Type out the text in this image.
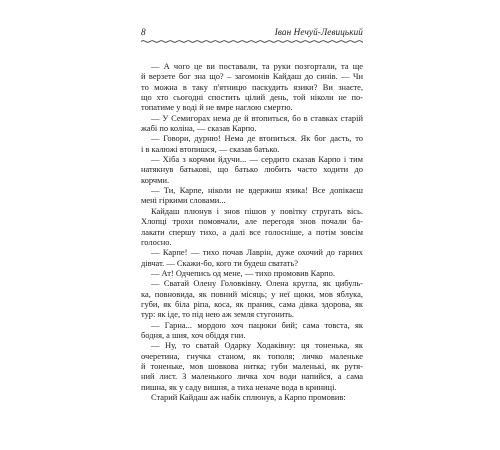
8	Іван Нечуй-Левицький
— А чого це ви поставали, та руки позгортали, та ще
й верзете бог зна що? – загомонів Кайдаш до синів. — Чи
то можна в таку п'ятницю паскудить язики? Ви знаєте,
що хто сьогодні спостить цілий день, той ніколи не по-
топатиме у воді й не вмре наглою смертю.
— У Семигорах нема де й втопиться, бо в ставках старій
жабі по коліна, — сказав Карпо.
— Говори, дурню! Нема де втопиться. Як бог дасть, то
і в калюжі втопишся, — сказав батько.
— Хіба з корчми йдучи... — сердито сказав Карпо і тим
натякнув батькові, що батько любить часто ходити до
корчми.
— Ти, Карпе, ніколи не вдержиш язика! Все допікаєш
мені гіркими словами...
Кайдаш плюнув і знов пішов у повітку стругать вісь.
Хлопці трохи помовчали, але перегодя знов почали ба-
лакати спершу тихо, а далі все голосніше, а потім зовсім
голосно.
— Карпе! — тихо почав Лаврін, дуже охочий до гарних
дівчат. — Скажи-бо, кого ти будеш сватать?
— Ат! Одчепись од мене, — тихо промовив Карпо.
— Сватай Олену Головківну. Олена кругла, як цибуль-
ка, повновида, як повний місяць; у неї щоки, мов яблука,
губи, як біла ріпа, коса, як праник, сама дівка здорова, як
тур: як іде, то під нею аж земля стугонить.
— Гарна... мордою хоч пацюки бий; сама товста, як
бодня, а шия, хоч обіддя гни.
— Ну, то сватай Одарку Ходаківну: ця тоненька, як
очеретина, гнучка станом, як тополя; личко маленьке
й тоненьке, мов шовкова нитка; губи маленькі, як рутя-
ний лист. З маленького личка хоч води напийся, а сама
пишна, як у саду вишня, а тиха неначе вода в криниці.
Старий Кайдаш аж набік сплюнув, а Карпо промовив:
